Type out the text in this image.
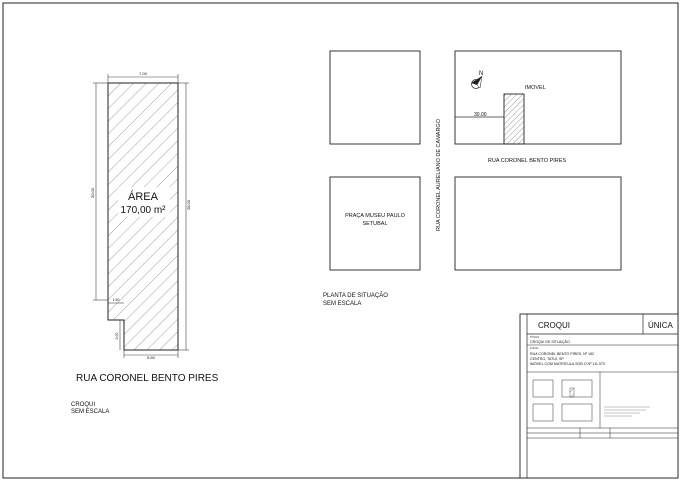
7.00
30.00
28.00
1.50
2.00
5.50
ÁREA
170,00 m²
RUA CORONEL BENTO PIRES
CROQUI
SEM ESCALA
IMOVEL
30.00
N
RUA CORONEL BENTO PIRES
RUA CORONEL AURELIANO DE CAMARGO
PRAÇA MUSEU PAULO
SETUBAL
PLANTA DE SITUAÇÃO
SEM ESCALA
CROQUI	ÚNICA
TÍTULO
CROQUI DE SITUAÇÃO
LOCAL
RUA CORONEL BENTO PIRES, Nº 182
CENTRO, TATUÍ, SP
IMÓVEL COM MATRÍCULA SOB O Nº 111.973
